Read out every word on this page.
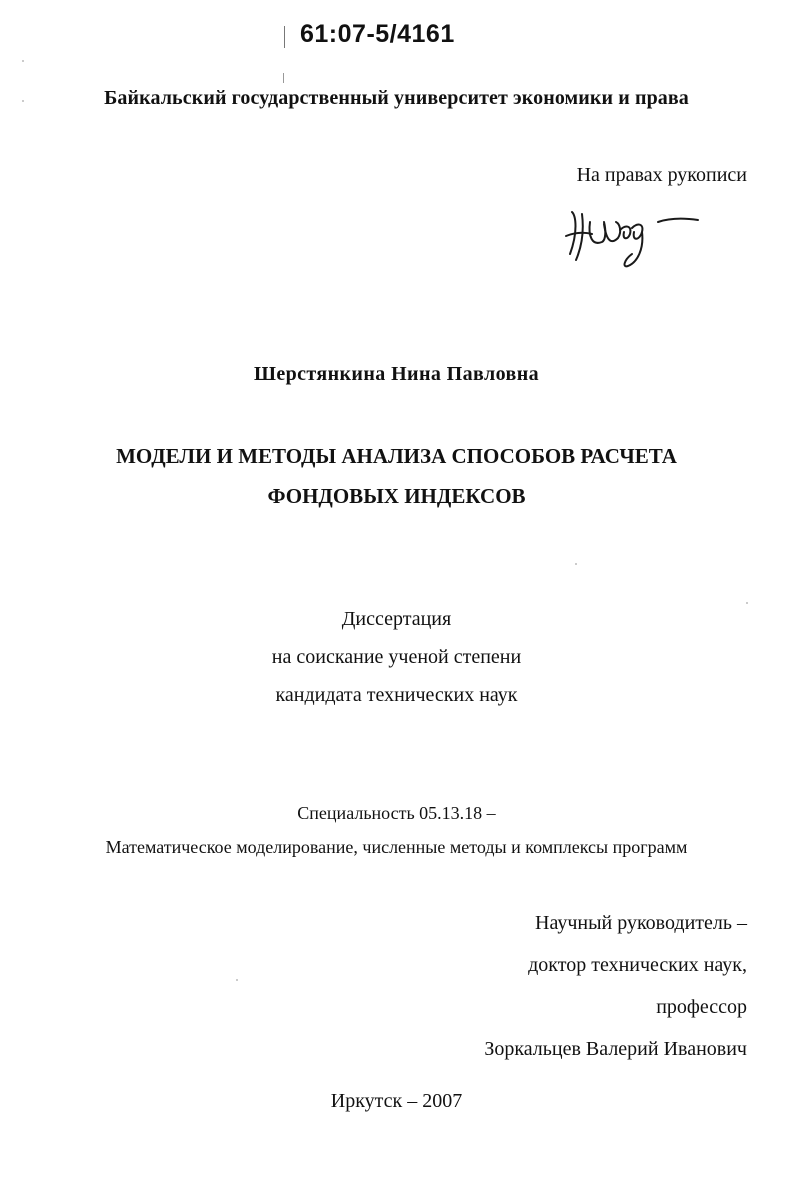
61:07-5/4161
Байкальский государственный университет экономики и права
На правах рукописи
Шерстянкина Нина Павловна
МОДЕЛИ И МЕТОДЫ АНАЛИЗА СПОСОБОВ РАСЧЕТА
ФОНДОВЫХ ИНДЕКСОВ
Диссертация
на соискание ученой степени
кандидата технических наук
Специальность 05.13.18 –
Математическое моделирование, численные методы и комплексы программ
Научный руководитель –
доктор технических наук,
профессор
Зоркальцев Валерий Иванович
Иркутск – 2007
